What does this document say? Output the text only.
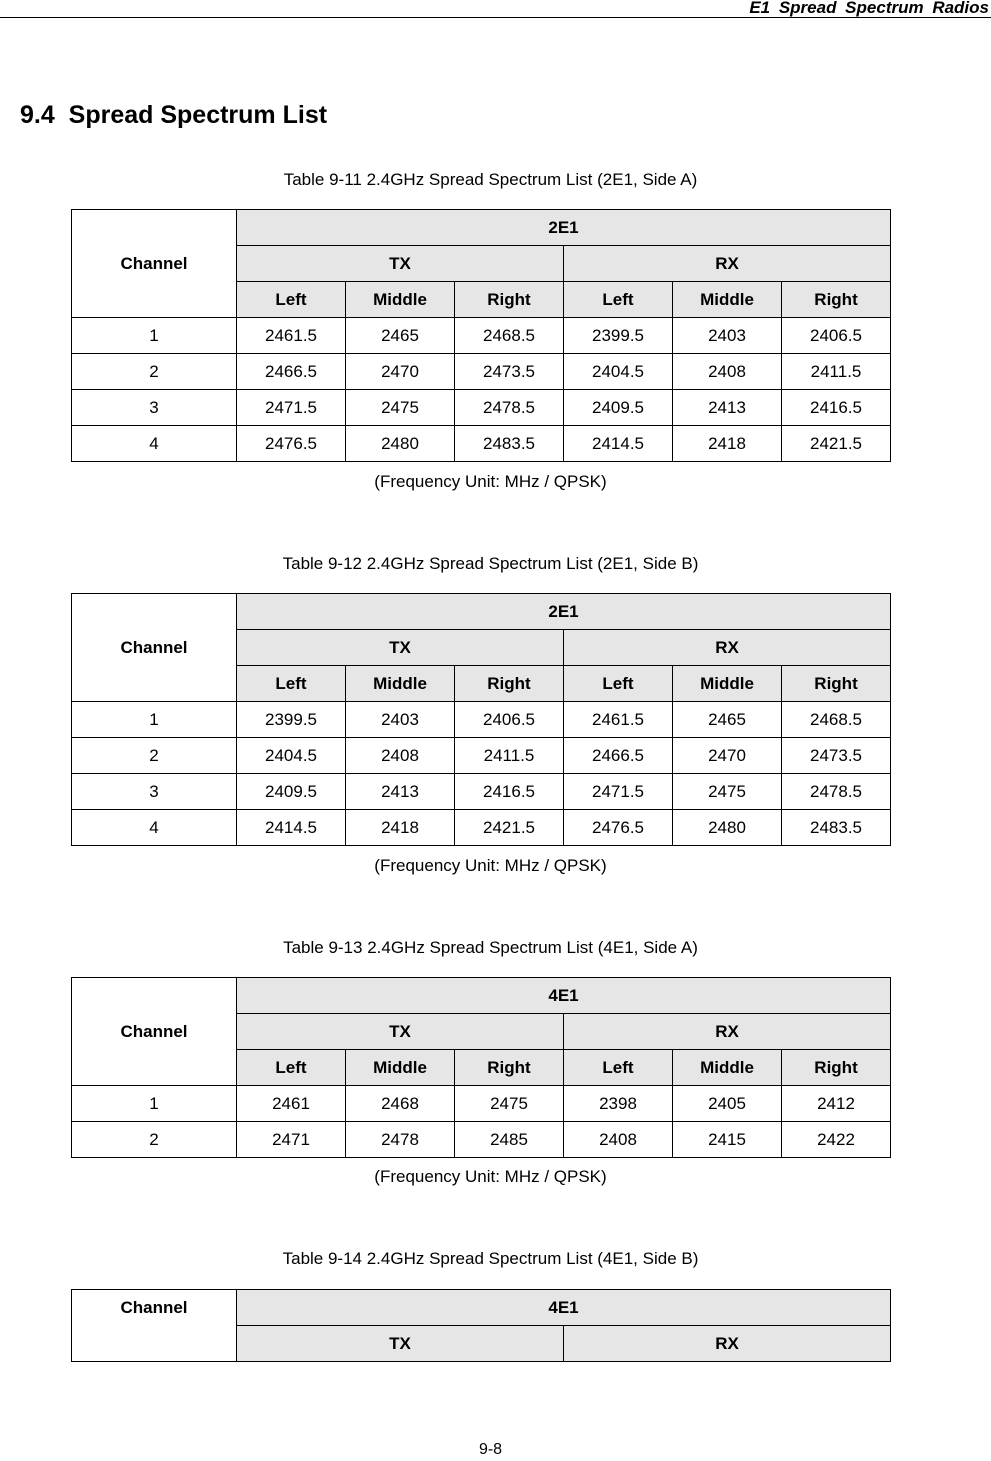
E1 Spread Spectrum Radios
9.4  Spread Spectrum List

Table 9-11 2.4GHz Spread Spectrum List (2E1, Side A)

Channel	2E1					
	TX			RX		
	Left	Middle	Right	Left	Middle	Right
1	2461.5	2465	2468.5	2399.5	2403	2406.5
2	2466.5	2470	2473.5	2404.5	2408	2411.5
3	2471.5	2475	2478.5	2409.5	2413	2416.5
4	2476.5	2480	2483.5	2414.5	2418	2421.5

(Frequency Unit: MHz / QPSK)

Table 9-12 2.4GHz Spread Spectrum List (2E1, Side B)

Channel	2E1					
	TX			RX		
	Left	Middle	Right	Left	Middle	Right
1	2399.5	2403	2406.5	2461.5	2465	2468.5
2	2404.5	2408	2411.5	2466.5	2470	2473.5
3	2409.5	2413	2416.5	2471.5	2475	2478.5
4	2414.5	2418	2421.5	2476.5	2480	2483.5

(Frequency Unit: MHz / QPSK)

Table 9-13 2.4GHz Spread Spectrum List (4E1, Side A)

Channel	4E1					
	TX			RX		
	Left	Middle	Right	Left	Middle	Right
1	2461	2468	2475	2398	2405	2412
2	2471	2478	2485	2408	2415	2422

(Frequency Unit: MHz / QPSK)

Table 9-14 2.4GHz Spread Spectrum List (4E1, Side B)

Channel	4E1	
	TX	RX
9-8
